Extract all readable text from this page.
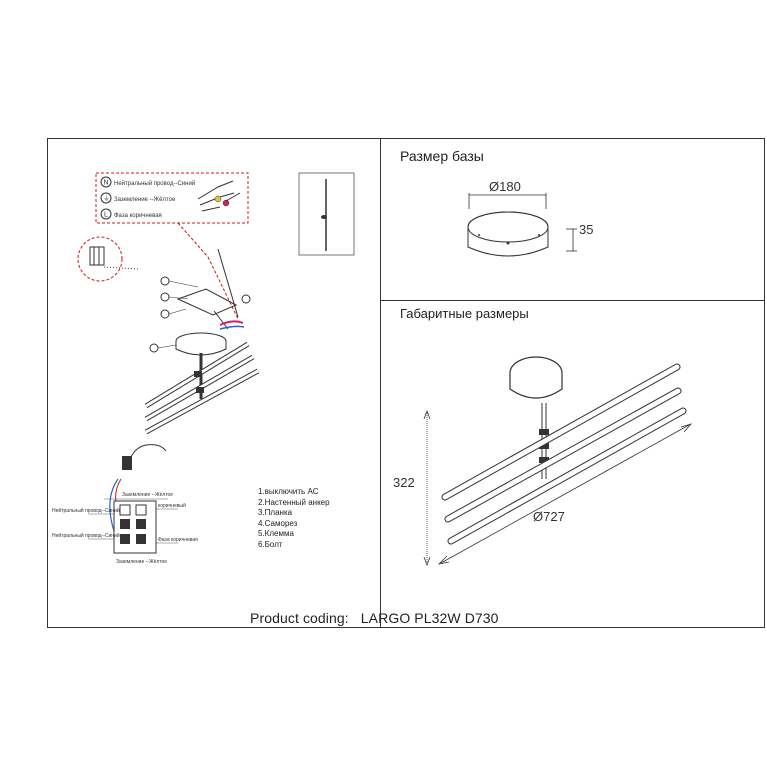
N
⏚
L
Нейтральный провод--Синий
Заземление --Жёлтое
Фаза коричневая
Заземление --Жёлтое
Нейтральный провод--Синий
коричневый
Нейтральный провод--Синий
Фаза коричневая
Заземление --Жёлтое
1.выключить AC
2.Настенный анкер
3.Планка
4.Саморез
5.Клемма
6.Болт
Размер базы
Ø180
35
Габаритные размеры
322
Ø727
Product coding: LARGO PL32W D730
